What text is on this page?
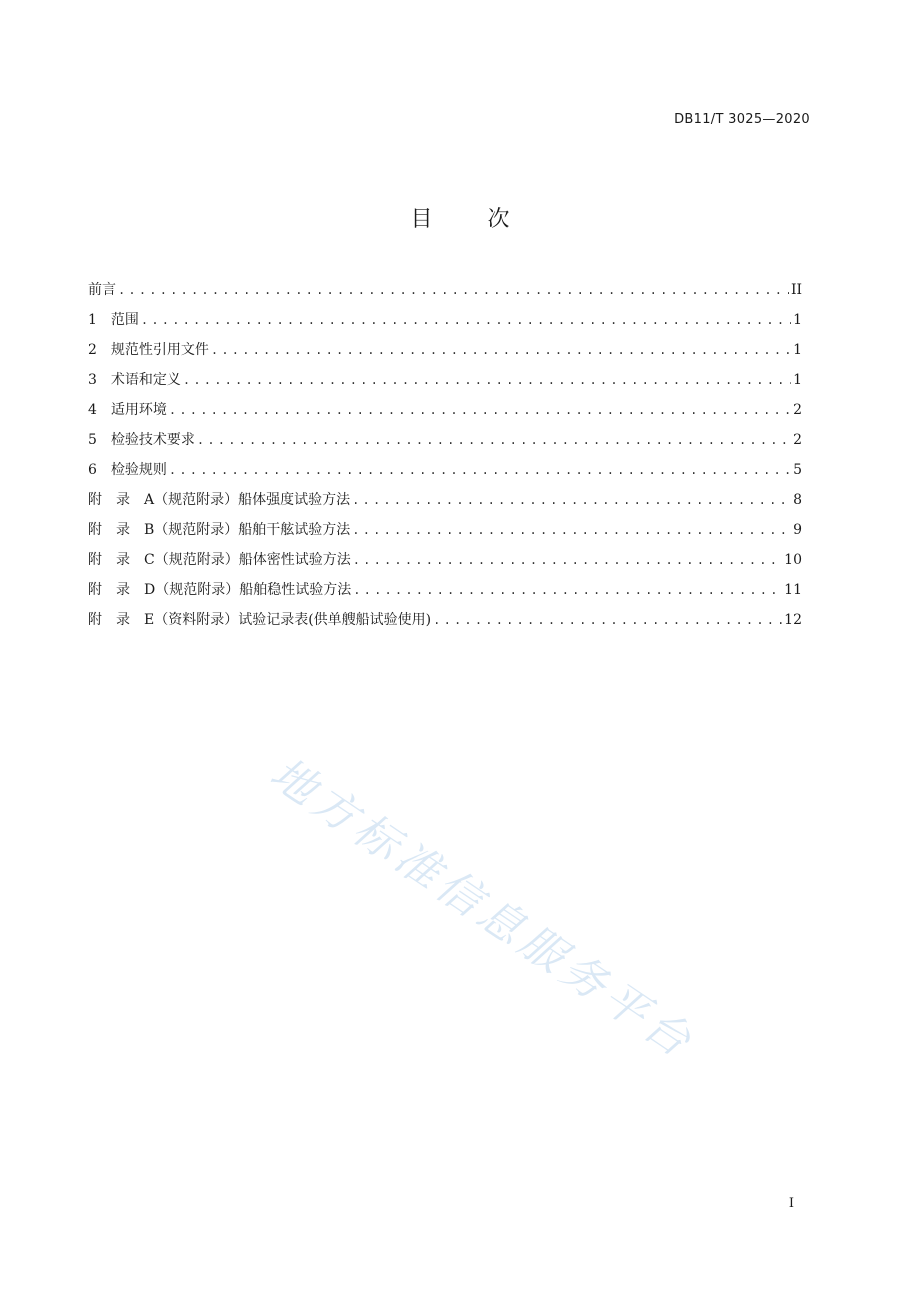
DB11/T 3025—2020
目 次
前言 .....	II
1　范围 .....	1
2　规范性引用文件 .....	1
3　术语和定义 .....	1
4　适用环境 .....	2
5　检验技术要求 .....	2
6　检验规则 .....	5
附　录　A（规范附录）船体强度试验方法 .....	8
附　录　B（规范附录）船舶干舷试验方法 .....	9
附　录　C（规范附录）船体密性试验方法 .....	10
附　录　D（规范附录）船舶稳性试验方法 .....	11
附　录　E（资料附录）试验记录表(供单艘船试验使用) .....	12
地方标准信息服务平台
I
